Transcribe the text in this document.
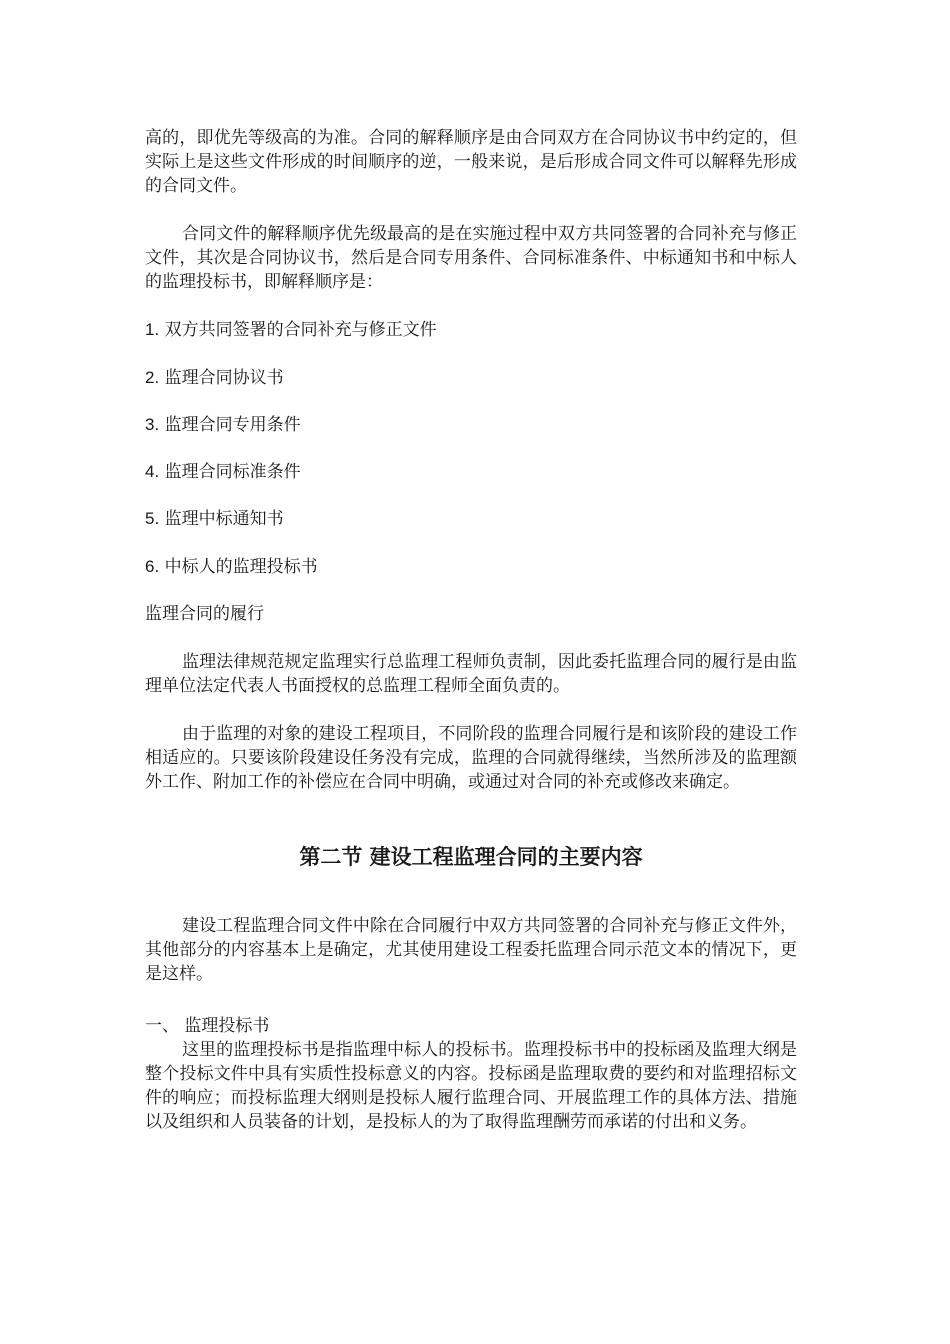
高的，即优先等级高的为准。合同的解释顺序是由合同双方在合同协议书中约定的，但实际上是这些文件形成的时间顺序的逆，一般来说，是后形成合同文件可以解释先形成的合同文件。

合同文件的解释顺序优先级最高的是在实施过程中双方共同签署的合同补充与修正文件，其次是合同协议书，然后是合同专用条件、合同标准条件、中标通知书和中标人的监理投标书，即解释顺序是：

1. 双方共同签署的合同补充与修正文件
2. 监理合同协议书
3. 监理合同专用条件
4. 监理合同标准条件
5. 监理中标通知书
6. 中标人的监理投标书
监理合同的履行

监理法律规范规定监理实行总监理工程师负责制，因此委托监理合同的履行是由监理单位法定代表人书面授权的总监理工程师全面负责的。

由于监理的对象的建设工程项目，不同阶段的监理合同履行是和该阶段的建设工作相适应的。只要该阶段建设任务没有完成，监理的合同就得继续，当然所涉及的监理额外工作、附加工作的补偿应在合同中明确，或通过对合同的补充或修改来确定。

第二节 建设工程监理合同的主要内容

建设工程监理合同文件中除在合同履行中双方共同签署的合同补充与修正文件外，其他部分的内容基本上是确定，尤其使用建设工程委托监理合同示范文本的情况下，更是这样。

一、 监理投标书

这里的监理投标书是指监理中标人的投标书。监理投标书中的投标函及监理大纲是整个投标文件中具有实质性投标意义的内容。投标函是监理取费的要约和对监理招标文件的响应；而投标监理大纲则是投标人履行监理合同、开展监理工作的具体方法、措施以及组织和人员装备的计划，是投标人的为了取得监理酬劳而承诺的付出和义务。
